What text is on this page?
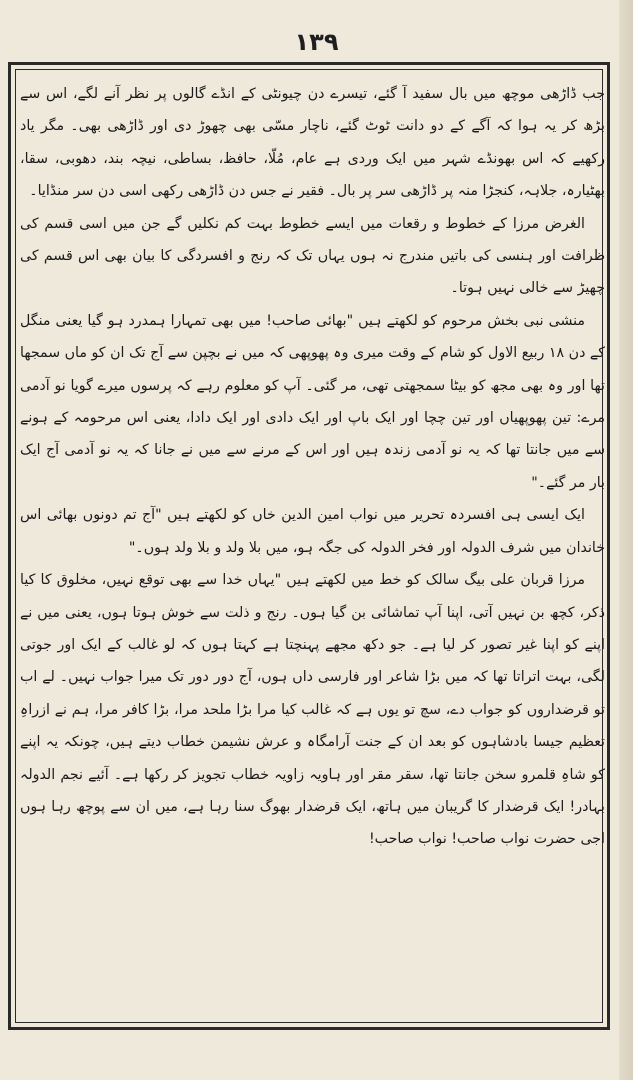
۱۳۹

جب ڈاڑھی موچھ میں بال سفید آ گئے، تیسرے دن چیونٹی کے انڈے گالوں پر نظر آنے لگے، اس سے بڑھ کر یہ ہوا کہ آگے کے دو دانت ٹوٹ گئے، ناچار مسّی بھی چھوڑ دی اور ڈاڑھی بھی۔ مگر یاد رکھیے کہ اس بھونڈے شہر میں ایک وردی ہے عام، مُلّا، حافظ، بساطی، نیچہ بند، دھوبی، سقا، بھٹیارہ، جلاہہ، کنجڑا منہ پر ڈاڑھی سر پر بال۔ فقیر نے جس دن ڈاڑھی رکھی اسی دن سر منڈایا۔

الغرض مرزا کے خطوط و رقعات میں ایسے خطوط بہت کم نکلیں گے جن میں اسی قسم کی ظرافت اور ہنسی کی باتیں مندرج نہ ہوں یہاں تک کہ رنج و افسردگی کا بیان بھی اس قسم کی چھیڑ سے خالی نہیں ہوتا۔

منشی نبی بخش مرحوم کو لکھتے ہیں "بھائی صاحب! میں بھی تمہارا ہمدرد ہو گیا یعنی منگل کے دن ۱۸ ربیع الاول کو شام کے وقت میری وہ پھوپھی کہ میں نے بچپن سے آج تک ان کو ماں سمجھا تھا اور وہ بھی مجھ کو بیٹا سمجھتی تھی، مر گئی۔ آپ کو معلوم رہے کہ پرسوں میرے گویا نو آدمی مرے: تین پھوپھیاں اور تین چچا اور ایک باپ اور ایک دادی اور ایک دادا، یعنی اس مرحومہ کے ہونے سے میں جانتا تھا کہ یہ نو آدمی زندہ ہیں اور اس کے مرنے سے میں نے جانا کہ یہ نو آدمی آج ایک بار مر گئے۔"

ایک ایسی ہی افسردہ تحریر میں نواب امین الدین خاں کو لکھتے ہیں "آج تم دونوں بھائی اس خاندان میں شرف الدولہ اور فخر الدولہ کی جگہ ہو، میں بلا ولد و بلا ولد ہوں۔"

مرزا قربان علی بیگ سالک کو خط میں لکھتے ہیں "یہاں خدا سے بھی توقع نہیں، مخلوق کا کیا ذکر، کچھ بن نہیں آتی، اپنا آپ تماشائی بن گیا ہوں۔ رنج و ذلت سے خوش ہوتا ہوں، یعنی میں نے اپنے کو اپنا غیر تصور کر لیا ہے۔ جو دکھ مجھے پہنچتا ہے کہتا ہوں کہ لو غالب کے ایک اور جوتی لگی، بہت اتراتا تھا کہ میں بڑا شاعر اور فارسی داں ہوں، آج دور دور تک میرا جواب نہیں۔ لے اب تو قرضداروں کو جواب دے، سچ تو یوں ہے کہ غالب کیا مرا بڑا ملحد مرا، بڑا کافر مرا، ہم نے ازراہِ تعظیم جیسا بادشاہوں کو بعد ان کے جنت آرامگاہ و عرش نشیمن خطاب دیتے ہیں، چونکہ یہ اپنے کو شاہِ قلمرو سخن جانتا تھا، سقر مقر اور ہاویہ زاویہ خطاب تجویز کر رکھا ہے۔ آئیے نجم الدولہ بہادر! ایک قرضدار کا گریبان میں ہاتھ، ایک قرضدار بھوگ سنا رہا ہے، میں ان سے پوچھ رہا ہوں اجی حضرت نواب صاحب! نواب صاحب!
